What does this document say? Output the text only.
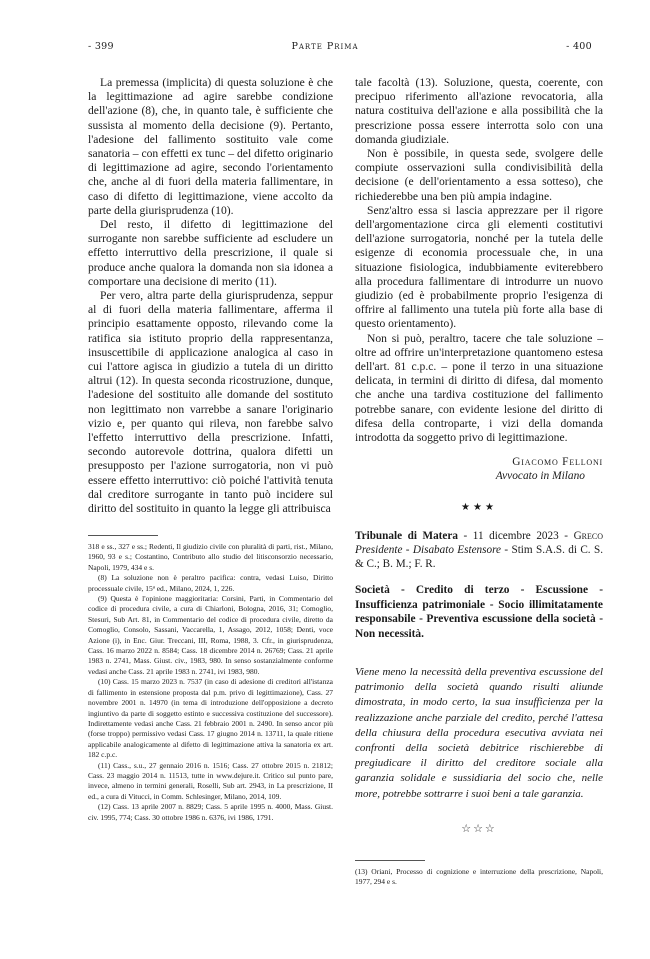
- 399	Parte Prima	- 400

La premessa (implicita) di questa soluzione è che la legittimazione ad agire sarebbe condizione dell'azione (8), che, in quanto tale, è sufficiente che sussista al momento della decisione (9). Pertanto, l'adesione del fallimento sostituito vale come sanatoria – con effetti ex tunc – del difetto originario di legittimazione ad agire, secondo l'orientamento che, anche al di fuori della materia fallimentare, in caso di difetto di legittimazione, viene accolto da parte della giurisprudenza (10).

Del resto, il difetto di legittimazione del surrogante non sarebbe sufficiente ad escludere un effetto interruttivo della prescrizione, il quale si produce anche qualora la domanda non sia idonea a comportare una decisione di merito (11).

Per vero, altra parte della giurisprudenza, seppur al di fuori della materia fallimentare, afferma il principio esattamente opposto, rilevando come la ratifica sia istituto proprio della rappresentanza, insuscettibile di applicazione analogica al caso in cui l'attore agisca in giudizio a tutela di un diritto altrui (12). In questa seconda ricostruzione, dunque, l'adesione del sostituito alle domande del sostituto non legittimato non varrebbe a sanare l'originario vizio e, per quanto qui rileva, non farebbe salvo l'effetto interruttivo della prescrizione. Infatti, secondo autorevole dottrina, qualora difetti un presupposto per l'azione surrogatoria, non vi può essere effetto interruttivo: ciò poiché l'attività tenuta dal creditore surrogante in tanto può incidere sul diritto del sostituito in quanto la legge gli attribuisca

318 e ss., 327 e ss.; Redenti, Il giudizio civile con pluralità di parti, rist., Milano, 1960, 93 e s.; Costantino, Contributo allo studio del litisconsorzio necessario, Napoli, 1979, 434 e s.

(8) La soluzione non è peraltro pacifica: contra, vedasi Luiso, Diritto processuale civile, 15ª ed., Milano, 2024, 1, 226.

(9) Questa è l'opinione maggioritaria: Corsini, Parti, in Commentario del codice di procedura civile, a cura di Chiarloni, Bologna, 2016, 31; Comoglio, Stesuri, Sub Art. 81, in Commentario del codice di procedura civile, diretto da Comoglio, Consolo, Sassani, Vaccarella, 1, Assago, 2012, 1058; Denti, voce Azione (i), in Enc. Giur. Treccani, III, Roma, 1988, 3. Cfr., in giurisprudenza, Cass. 16 marzo 2022 n. 8584; Cass. 18 dicembre 2014 n. 26769; Cass. 21 aprile 1983 n. 2741, Mass. Giust. civ., 1983, 980. In senso sostanzialmente conforme vedasi anche Cass. 21 aprile 1983 n. 2741, ivi 1983, 980.

(10) Cass. 15 marzo 2023 n. 7537 (in caso di adesione di creditori all'istanza di fallimento in estensione proposta dal p.m. privo di legittimazione), Cass. 27 novembre 2001 n. 14970 (in tema di introduzione dell'opposizione a decreto ingiuntivo da parte di soggetto estinto e successiva costituzione del successore). Indirettamente vedasi anche Cass. 21 febbraio 2001 n. 2490. In senso ancor più (forse troppo) permissivo vedasi Cass. 17 giugno 2014 n. 13711, la quale ritiene applicabile analogicamente al difetto di legittimazione attiva la sanatoria ex art. 182 c.p.c.

(11) Cass., s.u., 27 gennaio 2016 n. 1516; Cass. 27 ottobre 2015 n. 21812; Cass. 23 maggio 2014 n. 11513, tutte in www.dejure.it. Critico sul punto pare, invece, almeno in termini generali, Roselli, Sub art. 2943, in La prescrizione, II ed., a cura di Vitucci, in Comm. Schlesinger, Milano, 2014, 109.

(12) Cass. 13 aprile 2007 n. 8829; Cass. 5 aprile 1995 n. 4000, Mass. Giust. civ. 1995, 774; Cass. 30 ottobre 1986 n. 6376, ivi 1986, 1791.

tale facoltà (13). Soluzione, questa, coerente, con precipuo riferimento all'azione revocatoria, alla natura costituiva dell'azione e alla possibilità che la prescrizione possa essere interrotta solo con una domanda giudiziale.

Non è possibile, in questa sede, svolgere delle compiute osservazioni sulla condivisibilità della decisione (e dell'orientamento a essa sotteso), che richiederebbe una ben più ampia indagine.

Senz'altro essa si lascia apprezzare per il rigore dell'argomentazione circa gli elementi costitutivi dell'azione surrogatoria, nonché per la tutela delle esigenze di economia processuale che, in una situazione fisiologica, indubbiamente eviterebbero alla procedura fallimentare di introdurre un nuovo giudizio (ed è probabilmente proprio l'esigenza di offrire al fallimento una tutela più forte alla base di questo orientamento).

Non si può, peraltro, tacere che tale soluzione – oltre ad offrire un'interpretazione quantomeno estesa dell'art. 81 c.p.c. – pone il terzo in una situazione delicata, in termini di diritto di difesa, dal momento che anche una tardiva costituzione del fallimento potrebbe sanare, con evidente lesione del diritto di difesa della controparte, i vizi della domanda introdotta da soggetto privo di legittimazione.

Giacomo Felloni
Avvocato in Milano
★★★
Tribunale di Matera - 11 dicembre 2023 - Greco Presidente - Disabato Estensore - Stim S.A.S. di C. S. & C.; B. M.; F. R.
Società - Credito di terzo - Escussione - Insufficienza patrimoniale - Socio illimitatamente responsabile - Preventiva escussione della società - Non necessità.
Viene meno la necessità della preventiva escussione del patrimonio della società quando risulti aliunde dimostrata, in modo certo, la sua insufficienza per la realizzazione anche parziale del credito, perché l'attesa della chiusura della procedura esecutiva avviata nei confronti della società debitrice rischierebbe di pregiudicare il diritto del creditore sociale alla garanzia solidale e sussidiaria del socio che, nelle more, potrebbe sottrarre i suoi beni a tale garanzia.
☆☆☆

(13) Oriani, Processo di cognizione e interruzione della prescrizione, Napoli, 1977, 294 e s.
